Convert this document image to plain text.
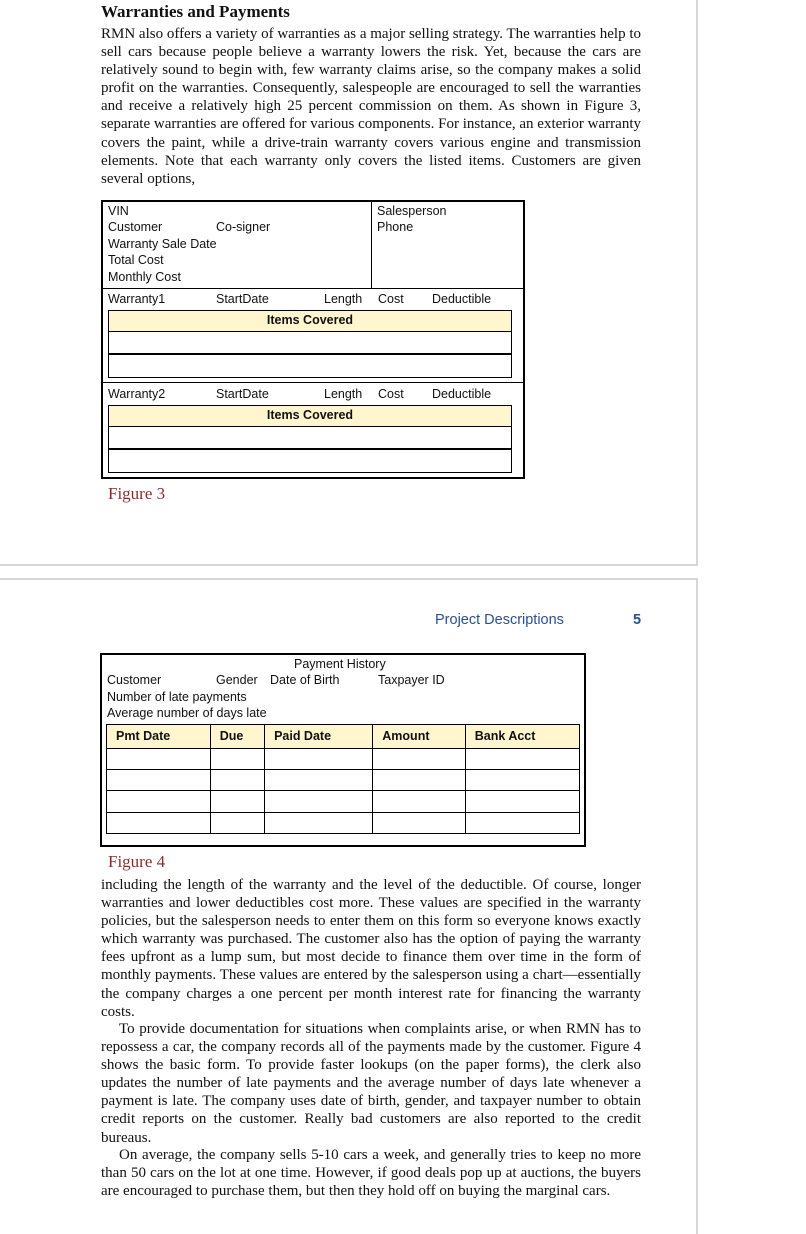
Warranties and Payments

RMN also offers a variety of warranties as a major selling strategy. The warranties help to sell cars because people believe a warranty lowers the risk. Yet, because the cars are relatively sound to begin with, few warranty claims arise, so the company makes a solid profit on the warranties. Consequently, salespeople are encouraged to sell the warranties and receive a relatively high 25 percent commission on them. As shown in Figure 3, separate warranties are offered for various components. For instance, an exterior warranty covers the paint, while a drive-train warranty covers various engine and transmission elements. Note that each warranty only covers the listed items. Customers are given several options,

VIN
Customer	Co-signer
Warranty Sale Date
Total Cost
Monthly Cost
Salesperson
Phone
Warranty1	StartDate	Length Cost Deductible
Items Covered
Warranty2	StartDate	Length Cost Deductible
Items Covered
Figure 3
Project Descriptions	5
Payment History
Customer	Gender Date of Birth	Taxpayer ID
Number of late payments
Average number of days late
Pmt Date	Due	Paid Date	Amount	Bank Acct

Figure 4

including the length of the warranty and the level of the deductible. Of course, longer warranties and lower deductibles cost more. These values are specified in the warranty policies, but the salesperson needs to enter them on this form so everyone knows exactly which warranty was purchased. The customer also has the option of paying the warranty fees upfront as a lump sum, but most decide to finance them over time in the form of monthly payments. These values are entered by the salesperson using a chart—essentially the company charges a one percent per month interest rate for financing the warranty costs.

To provide documentation for situations when complaints arise, or when RMN has to repossess a car, the company records all of the payments made by the customer. Figure 4 shows the basic form. To provide faster lookups (on the paper forms), the clerk also updates the number of late payments and the average number of days late whenever a payment is late. The company uses date of birth, gender, and taxpayer number to obtain credit reports on the customer. Really bad customers are also reported to the credit bureaus.

On average, the company sells 5-10 cars a week, and generally tries to keep no more than 50 cars on the lot at one time. However, if good deals pop up at auctions, the buyers are encouraged to purchase them, but then they hold off on buying the marginal cars.
